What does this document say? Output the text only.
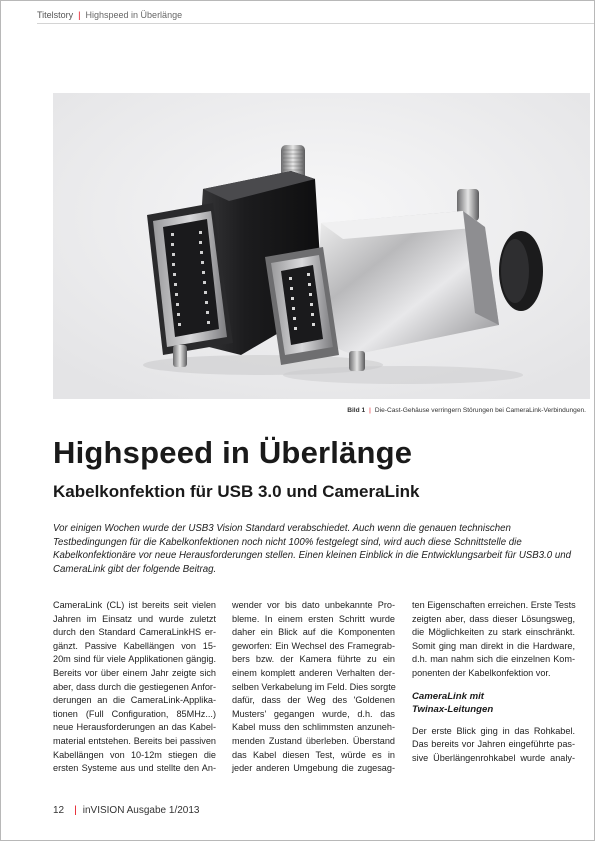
Titelstory | Highspeed in Überlänge
Bild 1 | Die-Cast-Gehäuse verringern Störungen bei CameraLink-Verbindungen.
Highspeed in Überlänge
Kabelkonfektion für USB 3.0 und CameraLink
Vor einigen Wochen wurde der USB3 Vision Standard verabschiedet. Auch wenn die genauen technischen Testbedingungen für die Kabelkonfektionen noch nicht 100% festgelegt sind, wird auch diese Schnittstelle die Kabelkonfektionäre vor neue Herausforderungen stellen. Einen kleinen Einblick in die Entwicklungsarbeit für USB3.0 und CameraLink gibt der folgende Beitrag.
CameraLink (CL) ist bereits seit vielen
Jahren im Einsatz und wurde zuletzt
durch den Standard CameraLinkHS er-
gänzt. Passive Kabellängen von 15-
20m sind für viele Applikationen gängig.
Bereits vor über einem Jahr zeigte sich
aber, dass durch die gestiegenen Anfor-
derungen an die CameraLink-Applika-
tionen (Full Configuration, 85MHz...)
neue Herausforderungen an das Kabel-
material entstehen. Bereits bei passiven
Kabellängen von 10-12m stiegen die
ersten Systeme aus und stellte den An-
wender vor bis dato unbekannte Pro-
bleme. In einem ersten Schritt wurde
daher ein Blick auf die Komponenten
geworfen: Ein Wechsel des Framegrab-
bers bzw. der Kamera führte zu ein
einem komplett anderen Verhalten der-
selben Verkabelung im Feld. Dies sorgte
dafür, dass der Weg des 'Goldenen
Musters' gegangen wurde, d.h. das
Kabel muss den schlimmsten anzuneh-
menden Zustand überleben. Überstand
das Kabel diesen Test, würde es in
jeder anderen Umgebung die zugesag-
ten Eigenschaften erreichen. Erste Tests
zeigten aber, dass dieser Lösungsweg,
die Möglichkeiten zu stark einschränkt.
Somit ging man direkt in die Hardware,
d.h. man nahm sich die einzelnen Kom-
ponenten der Kabelkonfektion vor.
CameraLink mit
Twinax-Leitungen
Der erste Blick ging in das Rohkabel.
Das bereits vor Jahren eingeführte pas-
sive Überlängenrohkabel wurde analy-
12 | inVISION Ausgabe 1/2013
